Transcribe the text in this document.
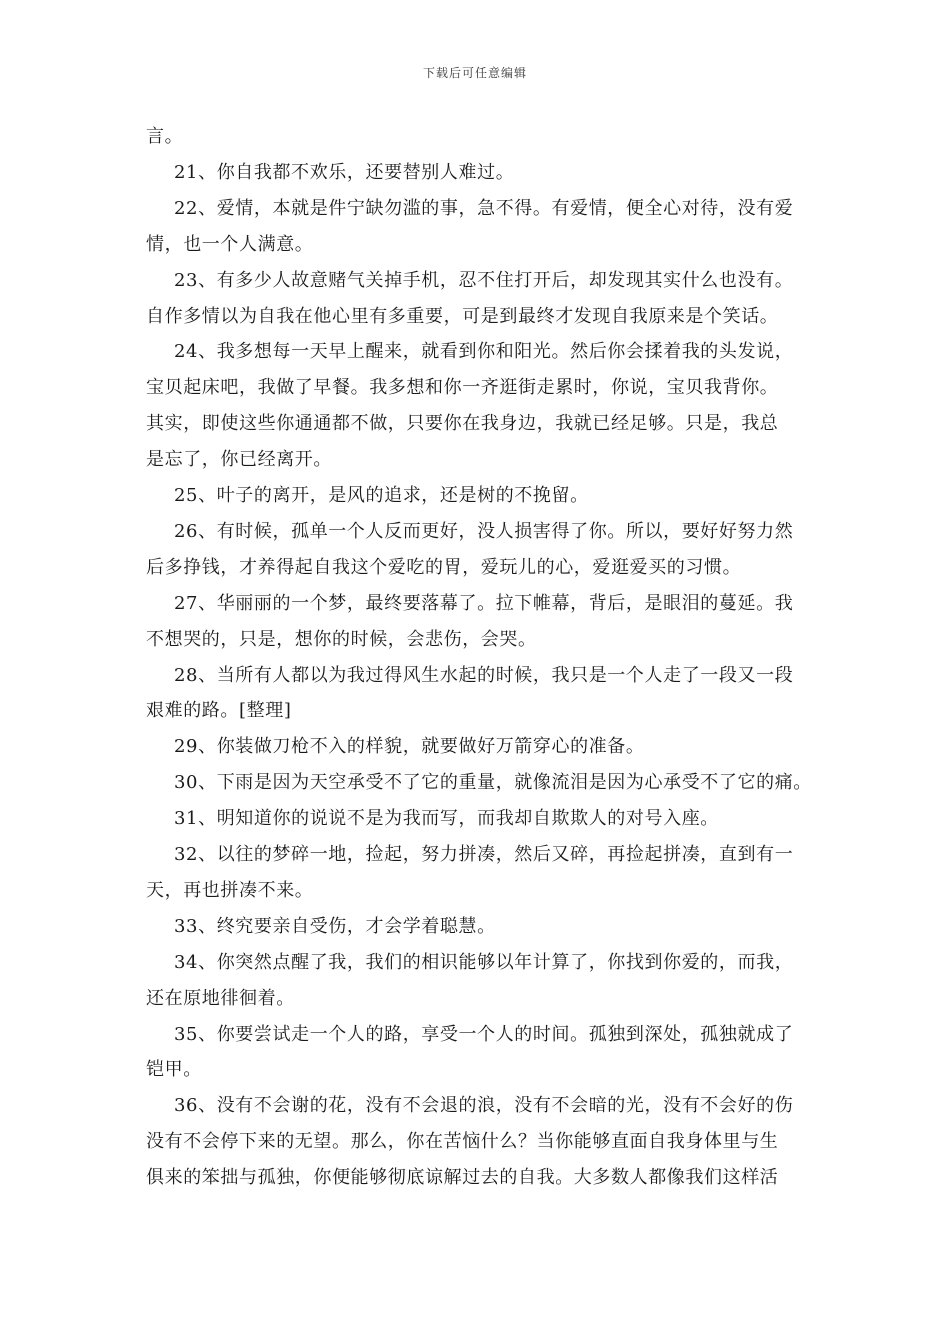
下载后可任意编辑
言。
21、你自我都不欢乐，还要替别人难过。
22、爱情，本就是件宁缺勿滥的事，急不得。有爱情，便全心对待，没有爱
情，也一个人满意。
23、有多少人故意赌气关掉手机，忍不住打开后，却发现其实什么也没有。
自作多情以为自我在他心里有多重要，可是到最终才发现自我原来是个笑话。
24、我多想每一天早上醒来，就看到你和阳光。然后你会揉着我的头发说，
宝贝起床吧，我做了早餐。我多想和你一齐逛街走累时，你说，宝贝我背你。
其实，即使这些你通通都不做，只要你在我身边，我就已经足够。只是，我总
是忘了，你已经离开。
25、叶子的离开，是风的追求，还是树的不挽留。
26、有时候，孤单一个人反而更好，没人损害得了你。所以，要好好努力然
后多挣钱，才养得起自我这个爱吃的胃，爱玩儿的心，爱逛爱买的习惯。
27、华丽丽的一个梦，最终要落幕了。拉下帷幕，背后，是眼泪的蔓延。我
不想哭的，只是，想你的时候，会悲伤，会哭。
28、当所有人都以为我过得风生水起的时候，我只是一个人走了一段又一段
艰难的路。[整理]
29、你装做刀枪不入的样貌，就要做好万箭穿心的准备。
30、下雨是因为天空承受不了它的重量，就像流泪是因为心承受不了它的痛。
31、明知道你的说说不是为我而写，而我却自欺欺人的对号入座。
32、以往的梦碎一地，捡起，努力拼凑，然后又碎，再捡起拼凑，直到有一
天，再也拼凑不来。
33、终究要亲自受伤，才会学着聪慧。
34、你突然点醒了我，我们的相识能够以年计算了，你找到你爱的，而我，
还在原地徘徊着。
35、你要尝试走一个人的路，享受一个人的时间。孤独到深处，孤独就成了
铠甲。
36、没有不会谢的花，没有不会退的浪，没有不会暗的光，没有不会好的伤
没有不会停下来的无望。那么，你在苦恼什么？当你能够直面自我身体里与生
俱来的笨拙与孤独，你便能够彻底谅解过去的自我。大多数人都像我们这样活
